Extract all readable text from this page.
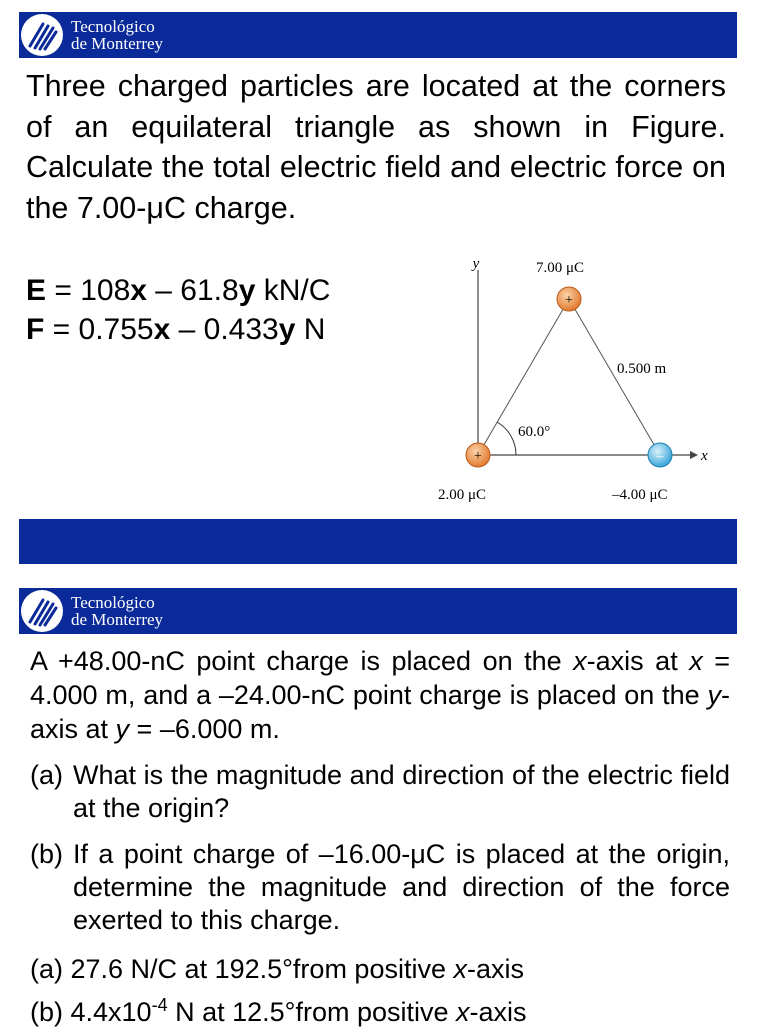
Tecnológico
de Monterrey
Three charged particles are located at the corners of an equilateral triangle as shown in Figure. Calculate the total electric field and electric force on the 7.00-μC charge.
E = 108x – 61.8y kN/C
F = 0.755x – 0.433y N
y
x
60.0°
0.500 m
+
+	–
7.00 μC
2.00 μC	–4.00 μC
Tecnológico
de Monterrey
A +48.00-nC point charge is placed on the x-axis at x = 4.000 m, and a –24.00-nC point charge is placed on the y-axis at y = –6.000 m.
(a) What is the magnitude and direction of the electric field at the origin?
(b) If a point charge of –16.00-μC is placed at the origin, determine the magnitude and direction of the force exerted to this charge.
(a) 27.6 N/C at 192.5°from positive x-axis
(b) $4.4x10^{-4}$ N at 12.5°from positive x-axis
